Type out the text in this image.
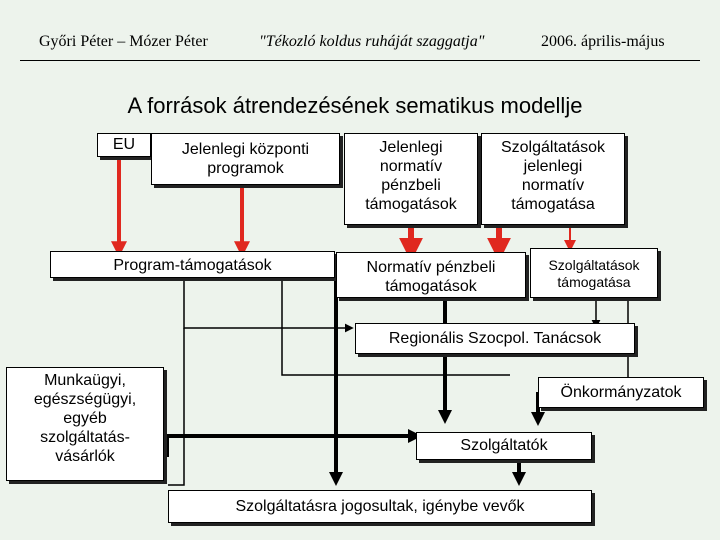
Győri Péter – Mózer Péter	"Tékozló koldus ruháját szaggatja"	2006. április-május
A források átrendezésének sematikus modellje
EU	Jelenlegi központi
programok
Jelenlegi
normatív
pénzbeli
támogatások
Szolgáltatások
jelenlegi
normatív
támogatása
Program-támogatások	Normatív pénzbeli
támogatások
Szolgáltatások
támogatása
Regionális Szocpol. Tanácsok
Munkaügyi,
egészségügyi,
egyéb
szolgáltatás-
vásárlók
Önkormányzatok
Szolgáltatók
Szolgáltatásra jogosultak, igénybe vevők
